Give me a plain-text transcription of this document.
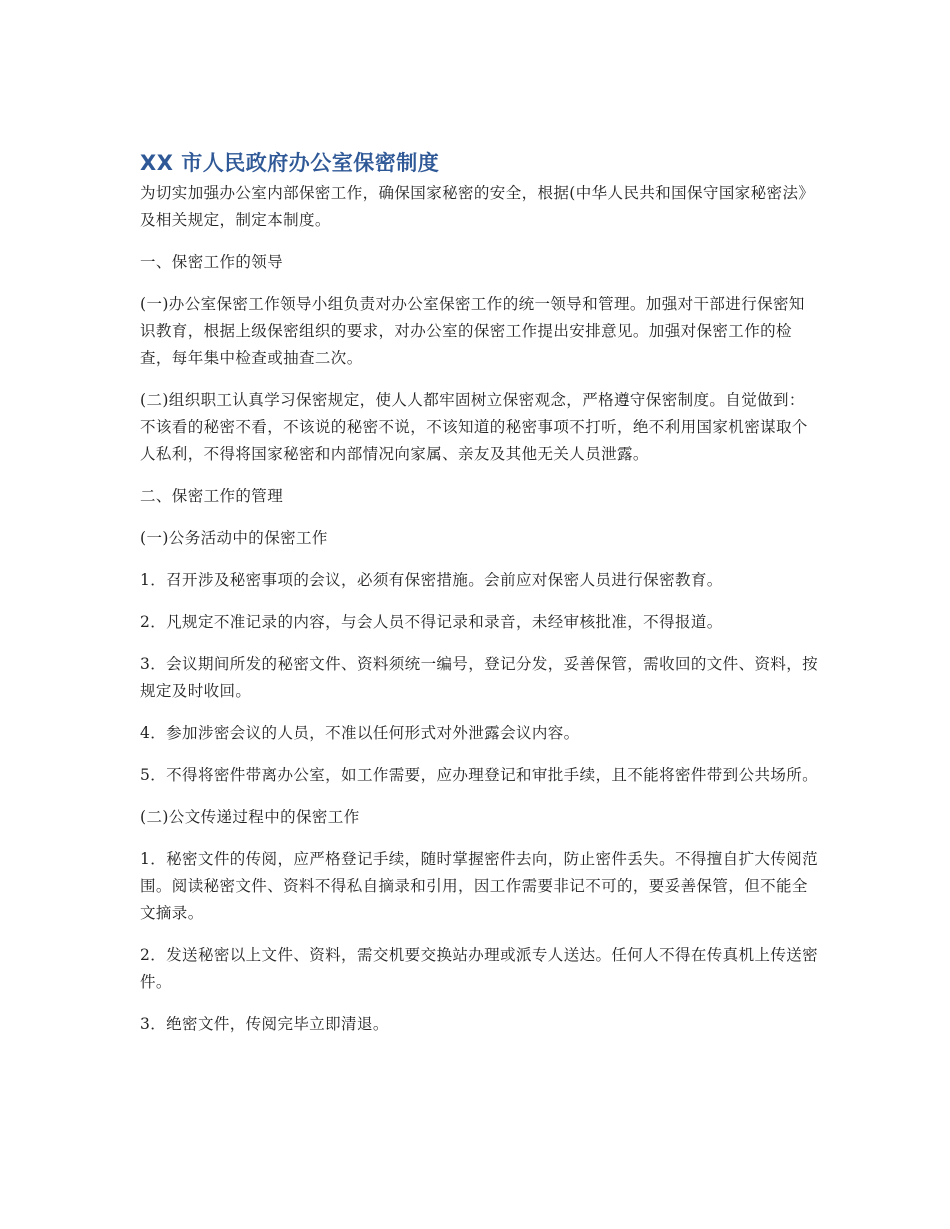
XX 市人民政府办公室保密制度

为切实加强办公室内部保密工作，确保国家秘密的安全，根据(中华人民共和国保守国家秘密法》及相关规定，制定本制度。

一、保密工作的领导

(一)办公室保密工作领导小组负责对办公室保密工作的统一领导和管理。加强对干部进行保密知识教育，根据上级保密组织的要求，对办公室的保密工作提出安排意见。加强对保密工作的检查，每年集中检查或抽查二次。

(二)组织职工认真学习保密规定，使人人都牢固树立保密观念，严格遵守保密制度。自觉做到：不该看的秘密不看，不该说的秘密不说，不该知道的秘密事项不打听，绝不利用国家机密谋取个人私利，不得将国家秘密和内部情况向家属、亲友及其他无关人员泄露。

二、保密工作的管理

(一)公务活动中的保密工作

1．召开涉及秘密事项的会议，必须有保密措施。会前应对保密人员进行保密教育。

2．凡规定不准记录的内容，与会人员不得记录和录音，未经审核批准，不得报道。

3．会议期间所发的秘密文件、资料须统一编号，登记分发，妥善保管，需收回的文件、资料，按规定及时收回。

4．参加涉密会议的人员，不准以任何形式对外泄露会议内容。

5．不得将密件带离办公室，如工作需要，应办理登记和审批手续，且不能将密件带到公共场所。

(二)公文传递过程中的保密工作

1．秘密文件的传阅，应严格登记手续，随时掌握密件去向，防止密件丢失。不得擅自扩大传阅范围。阅读秘密文件、资料不得私自摘录和引用，因工作需要非记不可的，要妥善保管，但不能全文摘录。

2．发送秘密以上文件、资料，需交机要交换站办理或派专人送达。任何人不得在传真机上传送密件。

3．绝密文件，传阅完毕立即清退。
